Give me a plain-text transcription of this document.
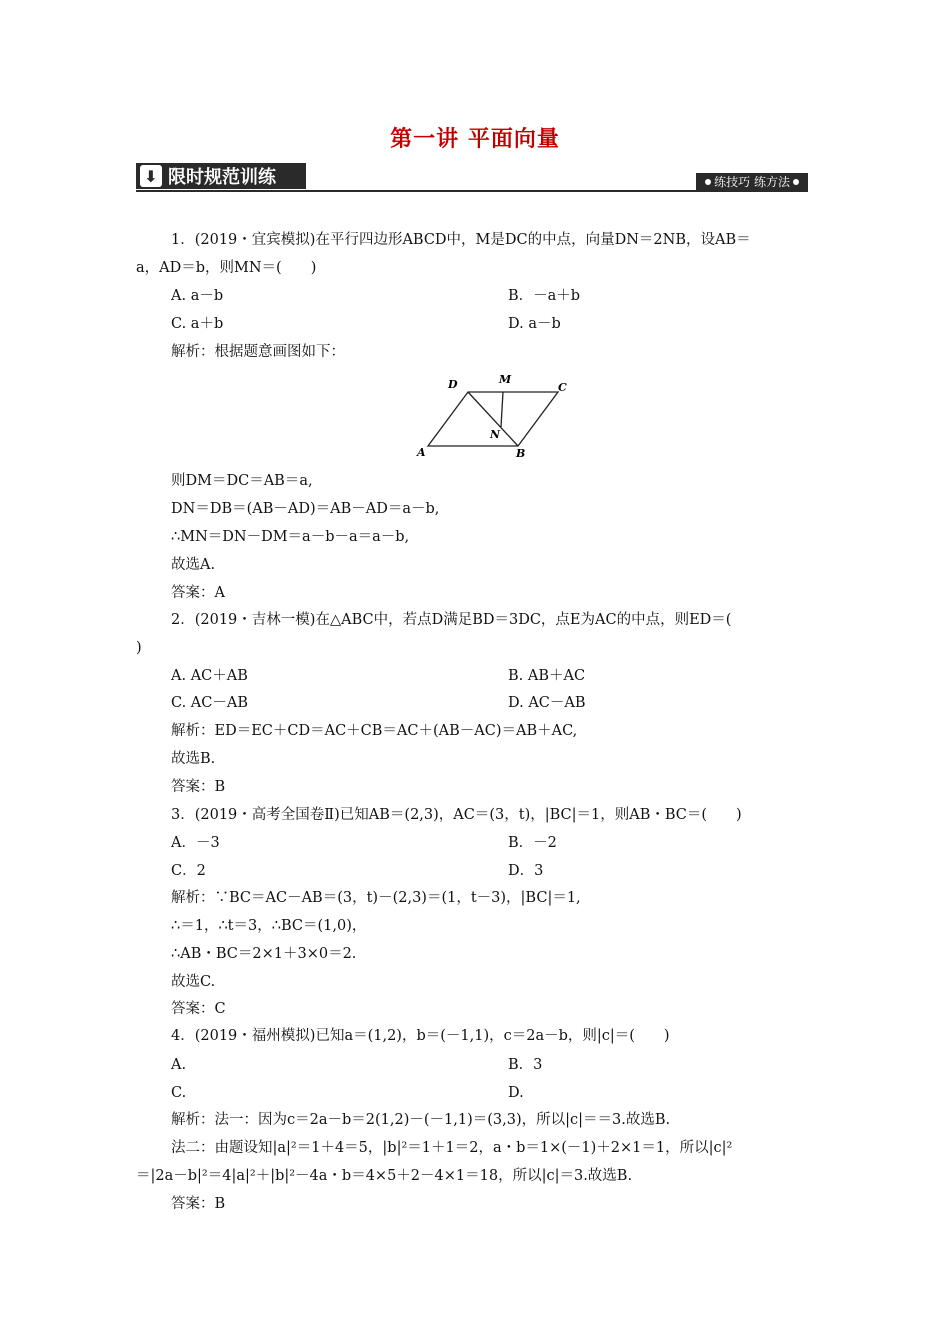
第一讲 平面向量
⬇ 限时规范训练	练技巧 练方法
1．(2019・宜宾模拟)在平行四边形ABCD中，M是DC的中点，向量DN＝2NB，设AB＝
a，AD＝b，则MN＝(　　)
A. a－b	B．－a＋b
C. a＋b	D. a－b
解析：根据题意画图如下：
D	M
C
N
A	B
则DM＝DC＝AB＝a,
DN＝DB＝(AB－AD)＝AB－AD＝a－b,
∴MN＝DN－DM＝a－b－a＝a－b,
故选A.
答案：A
2．(2019・吉林一模)在△ABC中，若点D满足BD＝3DC，点E为AC的中点，则ED＝(
)
A. AC＋AB	B. AB＋AC
C. AC－AB	D. AC－AB
解析：ED＝EC＋CD＝AC＋CB＝AC＋(AB－AC)＝AB＋AC,
故选B.
答案：B
3．(2019・高考全国卷Ⅱ)已知AB＝(2,3)，AC＝(3，t)，|BC|＝1，则AB・BC＝(　　)
A．－3	B．－2
C．2	D．3
解析：∵BC＝AC－AB＝(3，t)－(2,3)＝(1，t－3)，|BC|＝1,
∴＝1，∴t＝3，∴BC＝(1,0)，
∴AB・BC＝2×1＋3×0＝2.
故选C.
答案：C
4．(2019・福州模拟)已知a＝(1,2)，b＝(－1,1)，c＝2a－b，则|c|＝(　　)
A.	B．3
C.	D.
解析：法一：因为c＝2a－b＝2(1,2)－(－1,1)＝(3,3)，所以|c|＝＝3.故选B.
法二：由题设知|a|²＝1＋4＝5，|b|²＝1＋1＝2，a・b＝1×(－1)＋2×1＝1，所以|c|²
＝|2a－b|²＝4|a|²＋|b|²－4a・b＝4×5＋2－4×1＝18，所以|c|＝3.故选B.
答案：B
